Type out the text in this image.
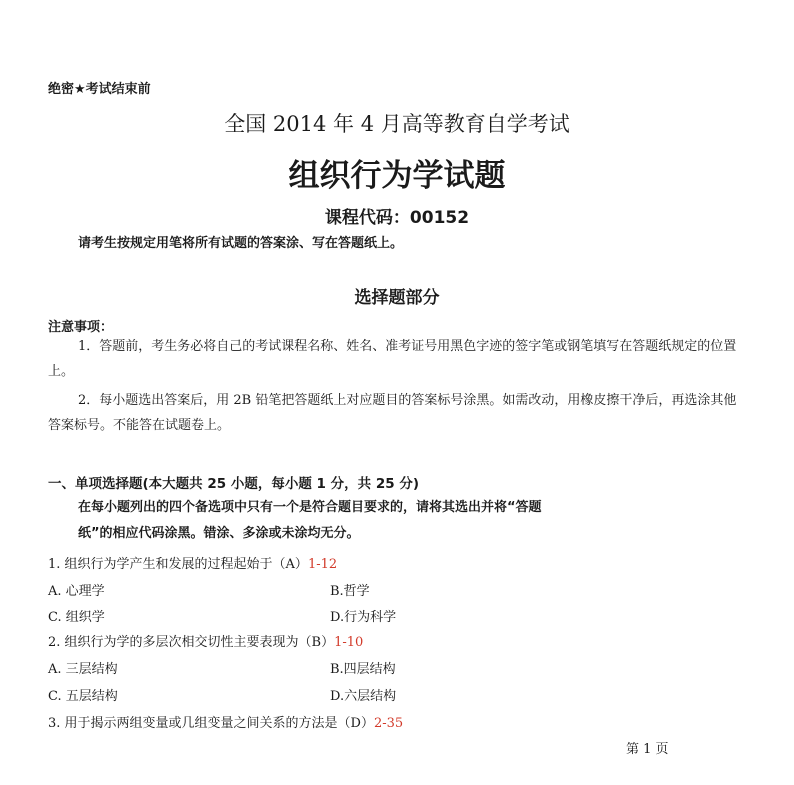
绝密★考试结束前
全国 2014 年 4 月高等教育自学考试
组织行为学试题
课程代码：00152
请考生按规定用笔将所有试题的答案涂、写在答题纸上。
选择题部分
注意事项：
1．答题前，考生务必将自己的考试课程名称、姓名、准考证号用黑色字迹的签字笔或钢笔填写在答题纸规定的位置上。
2．每小题选出答案后，用 2B 铅笔把答题纸上对应题目的答案标号涂黑。如需改动，用橡皮擦干净后，再选涂其他答案标号。不能答在试题卷上。
一、单项选择题(本大题共 25 小题，每小题 1 分，共 25 分)
在每小题列出的四个备选项中只有一个是符合题目要求的，请将其选出并将“答题
纸”的相应代码涂黑。错涂、多涂或未涂均无分。
1. 组织行为学产生和发展的过程起始于（A）1-12
A. 心理学	B.哲学
C. 组织学	D.行为科学
2. 组织行为学的多层次相交切性主要表现为（B）1-10
A. 三层结构	B.四层结构
C. 五层结构	D.六层结构
3. 用于揭示两组变量或几组变量之间关系的方法是（D）2-35
第 1 页
